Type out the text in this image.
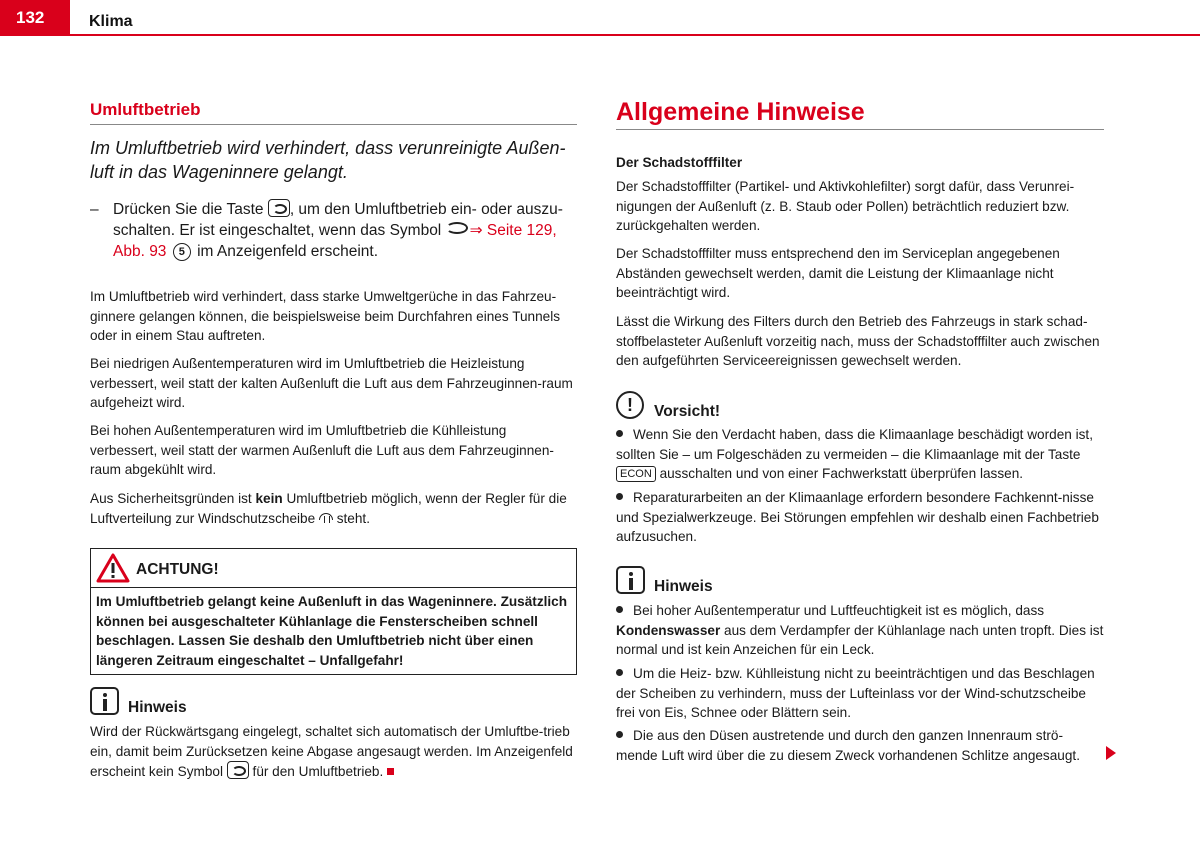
132	Klima
Umluftbetrieb
Im Umluftbetrieb wird verhindert, dass verunreinigte Außen-luft in das Wageninnere gelangt.
– Drücken Sie die Taste , um den Umluftbetrieb ein- oder auszu-schalten. Er ist eingeschaltet, wenn das Symbol ⇒ Seite 129, Abb. 93 5 im Anzeigenfeld erscheint.
Im Umluftbetrieb wird verhindert, dass starke Umweltgerüche in das Fahrzeu-ginnere gelangen können, die beispielsweise beim Durchfahren eines Tunnels oder in einem Stau auftreten.
Bei niedrigen Außentemperaturen wird im Umluftbetrieb die Heizleistung verbessert, weil statt der kalten Außenluft die Luft aus dem Fahrzeuginnen-raum aufgeheizt wird.
Bei hohen Außentemperaturen wird im Umluftbetrieb die Kühlleistung verbessert, weil statt der warmen Außenluft die Luft aus dem Fahrzeuginnen-raum abgekühlt wird.
Aus Sicherheitsgründen ist kein Umluftbetrieb möglich, wenn der Regler für die Luftverteilung zur Windschutzscheibe steht.
ACHTUNG!
Im Umluftbetrieb gelangt keine Außenluft in das Wageninnere. Zusätzlich können bei ausgeschalteter Kühlanlage die Fensterscheiben schnell beschlagen. Lassen Sie deshalb den Umluftbetrieb nicht über einen längeren Zeitraum eingeschaltet – Unfallgefahr!
Hinweis
Wird der Rückwärtsgang eingelegt, schaltet sich automatisch der Umluftbe-trieb ein, damit beim Zurücksetzen keine Abgase angesaugt werden. Im Anzeigenfeld erscheint kein Symbol für den Umluftbetrieb.
Allgemeine Hinweise
Der Schadstofffilter
Der Schadstofffilter (Partikel- und Aktivkohlefilter) sorgt dafür, dass Verunrei-nigungen der Außenluft (z. B. Staub oder Pollen) beträchtlich reduziert bzw. zurückgehalten werden.
Der Schadstofffilter muss entsprechend den im Serviceplan angegebenen Abständen gewechselt werden, damit die Leistung der Klimaanlage nicht beeinträchtigt wird.
Lässt die Wirkung des Filters durch den Betrieb des Fahrzeugs in stark schad-stoffbelasteter Außenluft vorzeitig nach, muss der Schadstofffilter auch zwischen den aufgeführten Serviceereignissen gewechselt werden.
!	Vorsicht!
Wenn Sie den Verdacht haben, dass die Klimaanlage beschädigt worden ist, sollten Sie – um Folgeschäden zu vermeiden – die Klimaanlage mit der Taste ECON ausschalten und von einer Fachwerkstatt überprüfen lassen.
Reparaturarbeiten an der Klimaanlage erfordern besondere Fachkennt-nisse und Spezialwerkzeuge. Bei Störungen empfehlen wir deshalb einen Fachbetrieb aufzusuchen.
Hinweis
Bei hoher Außentemperatur und Luftfeuchtigkeit ist es möglich, dass Kondenswasser aus dem Verdampfer der Kühlanlage nach unten tropft. Dies ist normal und ist kein Anzeichen für ein Leck.
Um die Heiz- bzw. Kühlleistung nicht zu beeinträchtigen und das Beschlagen der Scheiben zu verhindern, muss der Lufteinlass vor der Wind-schutzscheibe frei von Eis, Schnee oder Blättern sein.
Die aus den Düsen austretende und durch den ganzen Innenraum strö-mende Luft wird über die zu diesem Zweck vorhandenen Schlitze angesaugt.
